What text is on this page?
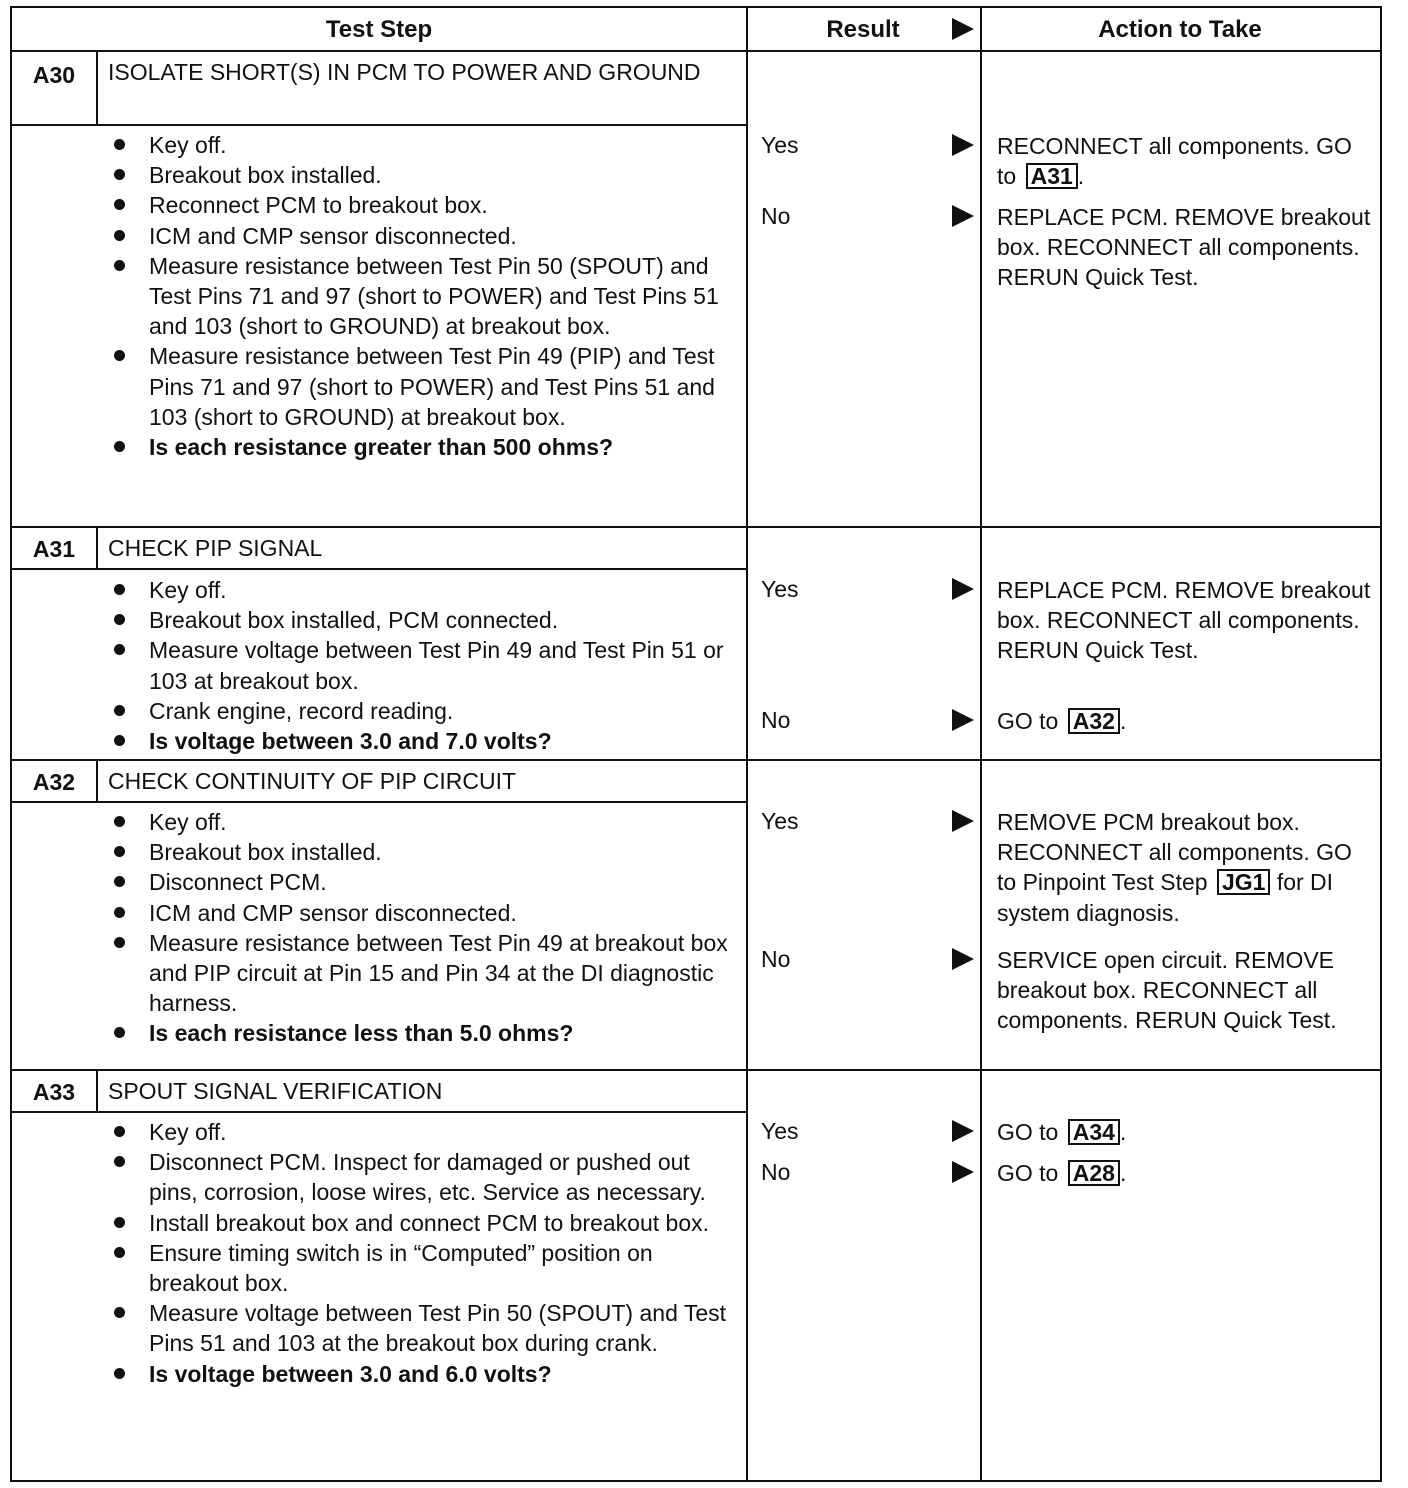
Test Step	Result	Action to Take
A30	ISOLATE SHORT(S) IN PCM TO POWER AND GROUND
Key off.
Breakout box installed.
Reconnect PCM to breakout box.
ICM and CMP sensor disconnected.
Measure resistance between Test Pin 50 (SPOUT) and Test Pins 71 and 97 (short to POWER) and Test Pins 51 and 103 (short to GROUND) at breakout box.
Measure resistance between Test Pin 49 (PIP) and Test Pins 71 and 97 (short to POWER) and Test Pins 51 and 103 (short to GROUND) at breakout box.
Is each resistance greater than 500 ohms?
Yes	RECONNECT all components. GO to A31 .
No	REPLACE PCM. REMOVE breakout box. RECONNECT all components. RERUN Quick Test.
A31	CHECK PIP SIGNAL
Key off.
Breakout box installed, PCM connected.
Measure voltage between Test Pin 49 and Test Pin 51 or 103 at breakout box.
Crank engine, record reading.
Is voltage between 3.0 and 7.0 volts?
Yes	REPLACE PCM. REMOVE breakout box. RECONNECT all components. RERUN Quick Test.
No	GO to A32 .
A32	CHECK CONTINUITY OF PIP CIRCUIT
Key off.
Breakout box installed.
Disconnect PCM.
ICM and CMP sensor disconnected.
Measure resistance between Test Pin 49 at breakout box and PIP circuit at Pin 15 and Pin 34 at the DI diagnostic harness.
Is each resistance less than 5.0 ohms?
Yes	REMOVE PCM breakout box. RECONNECT all components. GO to Pinpoint Test Step JG1 for DI system diagnosis.
No	SERVICE open circuit. REMOVE breakout box. RECONNECT all components. RERUN Quick Test.
A33	SPOUT SIGNAL VERIFICATION
Key off.
Disconnect PCM. Inspect for damaged or pushed out pins, corrosion, loose wires, etc. Service as necessary.
Install breakout box and connect PCM to breakout box.
Ensure timing switch is in “Computed” position on breakout box.
Measure voltage between Test Pin 50 (SPOUT) and Test Pins 51 and 103 at the breakout box during crank.
Is voltage between 3.0 and 6.0 volts?
Yes	GO to A34 .
No	GO to A28 .
